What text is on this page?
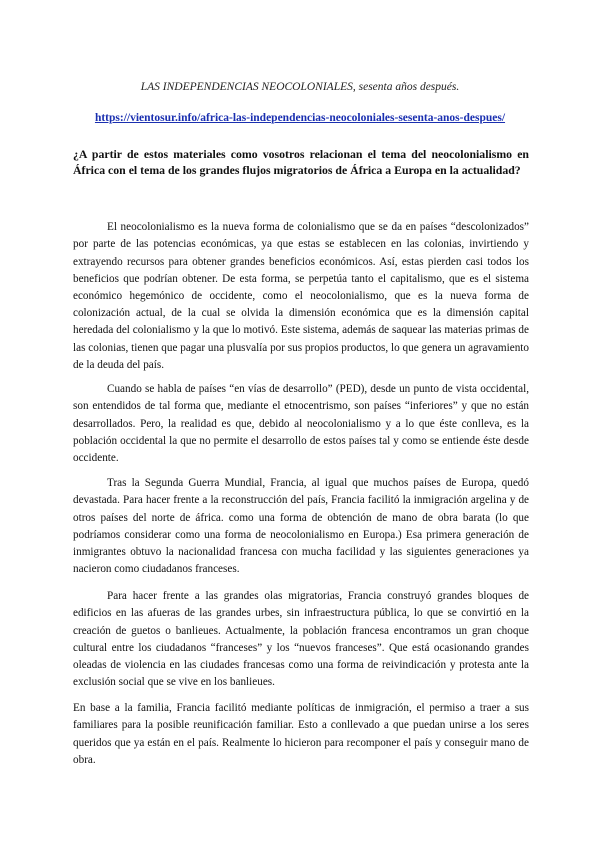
LAS INDEPENDENCIAS NEOCOLONIALES, sesenta años después.
https://vientosur.info/africa-las-independencias-neocoloniales-sesenta-anos-despues/
¿A partir de estos materiales como vosotros relacionan el tema del neocolonialismo en África con el tema de los grandes flujos migratorios de África a Europa en la actualidad?

El neocolonialismo es la nueva forma de colonialismo que se da en países “descolonizados” por parte de las potencias económicas, ya que estas se establecen en las colonias, invirtiendo y extrayendo recursos para obtener grandes beneficios económicos. Así, estas pierden casi todos los beneficios que podrían obtener. De esta forma, se perpetúa tanto el capitalismo, que es el sistema económico hegemónico de occidente, como el neocolonialismo, que es la nueva forma de colonización actual, de la cual se olvida la dimensión económica que es la dimensión capital heredada del colonialismo y la que lo motivó. Este sistema, además de saquear las materias primas de las colonias, tienen que pagar una plusvalía por sus propios productos, lo que genera un agravamiento de la deuda del país.

Cuando se habla de países “en vías de desarrollo” (PED), desde un punto de vista occidental, son entendidos de tal forma que, mediante el etnocentrismo, son países “inferiores” y que no están desarrollados. Pero, la realidad es que, debido al neocolonialismo y a lo que éste conlleva, es la población occidental la que no permite el desarrollo de estos países tal y como se entiende éste desde occidente.

Tras la Segunda Guerra Mundial, Francia, al igual que muchos países de Europa, quedó devastada. Para hacer frente a la reconstrucción del país, Francia facilitó la inmigración argelina y de otros países del norte de áfrica. como una forma de obtención de mano de obra barata (lo que podríamos considerar como una forma de neocolonialismo en Europa.) Esa primera generación de inmigrantes obtuvo la nacionalidad francesa con mucha facilidad y las siguientes generaciones ya nacieron como ciudadanos franceses.

Para hacer frente a las grandes olas migratorias, Francia construyó grandes bloques de edificios en las afueras de las grandes urbes, sin infraestructura pública, lo que se convirtió en la creación de guetos o banlieues. Actualmente, la población francesa encontramos un gran choque cultural entre los ciudadanos “franceses” y los “nuevos franceses”. Que está ocasionando grandes oleadas de violencia en las ciudades francesas como una forma de reivindicación y protesta ante la exclusión social que se vive en los banlieues.

En base a la familia, Francia facilitó mediante políticas de inmigración, el permiso a traer a sus familiares para la posible reunificación familiar. Esto a conllevado a que puedan unirse a los seres queridos que ya están en el país. Realmente lo hicieron para recomponer el país y conseguir mano de obra.
